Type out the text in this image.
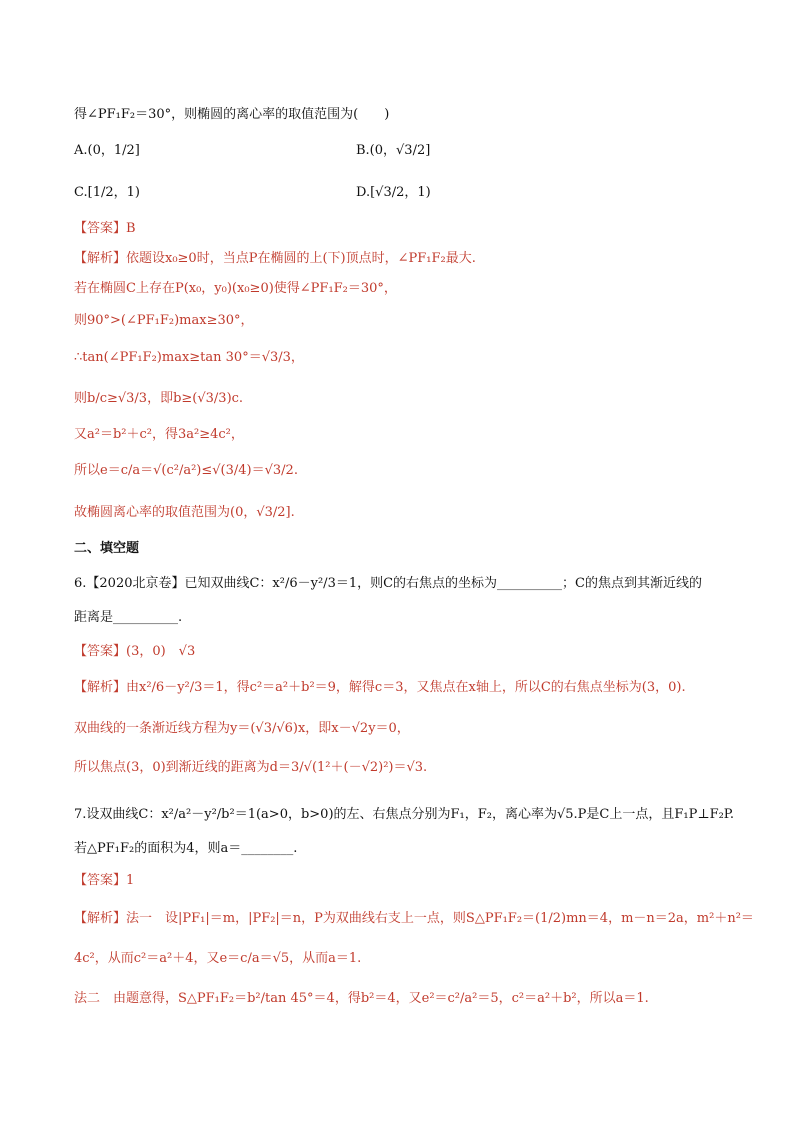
得∠PF₁F₂＝30°，则椭圆的离心率的取值范围为(　　)
A.(0，1/2]	B.(0，√3/2]
C.[1/2，1)	D.[√3/2，1)
【答案】B
【解析】依题设x₀≥0时，当点P在椭圆的上(下)顶点时，∠PF₁F₂最大.
若在椭圆C上存在P(x₀，y₀)(x₀≥0)使得∠PF₁F₂＝30°，
则90°>(∠PF₁F₂)max≥30°，
∴tan(∠PF₁F₂)max≥tan 30°＝√3/3，
则b/c≥√3/3，即b≥(√3/3)c.
又a²＝b²＋c²，得3a²≥4c²，
所以e＝c/a＝√(c²/a²)≤√(3/4)＝√3/2.
故椭圆离心率的取值范围为(0，√3/2].
二、填空题
6.【2020北京卷】已知双曲线C：x²/6－y²/3＝1，则C的右焦点的坐标为__________；C的焦点到其渐近线的
距离是__________.
【答案】(3，0)　√3
【解析】由x²/6－y²/3＝1，得c²＝a²＋b²＝9，解得c＝3，又焦点在x轴上，所以C的右焦点坐标为(3，0).
双曲线的一条渐近线方程为y＝(√3/√6)x，即x－√2y＝0，
所以焦点(3，0)到渐近线的距离为d＝3/√(1²＋(－√2)²)＝√3.
7.设双曲线C：x²/a²－y²/b²＝1(a>0，b>0)的左、右焦点分别为F₁，F₂，离心率为√5.P是C上一点，且F₁P⊥F₂P.
若△PF₁F₂的面积为4，则a＝________.
【答案】1
【解析】法一　设|PF₁|＝m，|PF₂|＝n，P为双曲线右支上一点，则S△PF₁F₂＝(1/2)mn＝4，m－n＝2a，m²＋n²＝
4c²，从而c²＝a²＋4，又e＝c/a＝√5，从而a＝1.
法二　由题意得，S△PF₁F₂＝b²/tan 45°＝4，得b²＝4，又e²＝c²/a²＝5，c²＝a²＋b²，所以a＝1.
